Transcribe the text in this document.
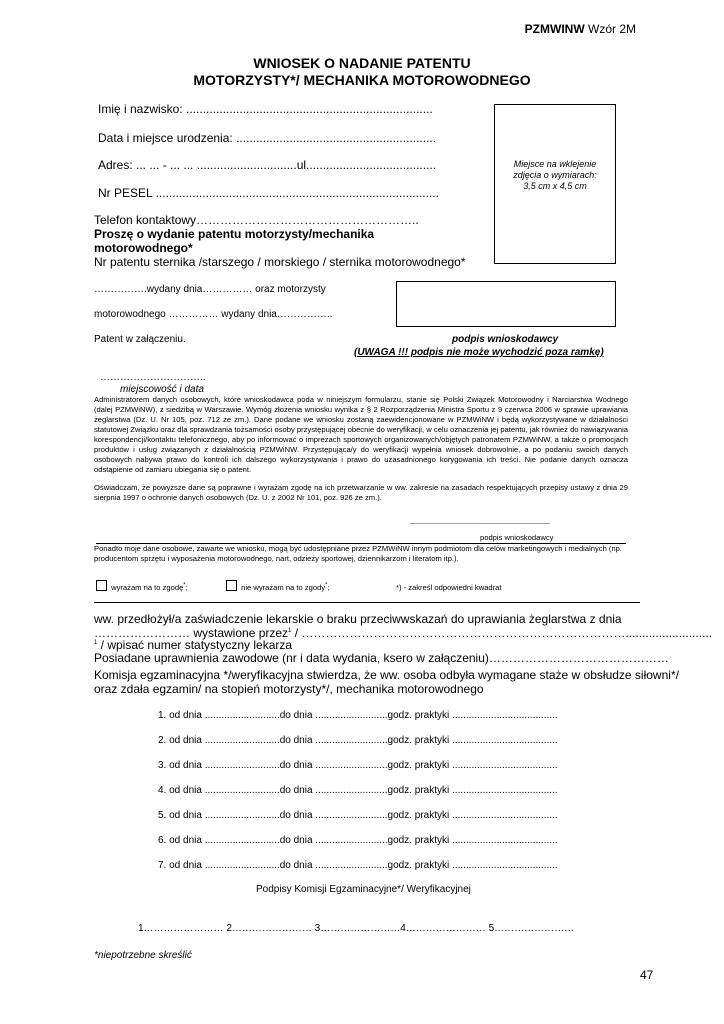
PZMWINW Wzór 2M
WNIOSEK O NADANIE PATENTU
MOTORZYSTY*/ MECHANIKA MOTOROWODNEGO
Imię i nazwisko: ..........................................................................
Data i miejsce urodzenia: ............................................................
Adres: ... ... - ... ... ..............................ul.......................................
Nr PESEL .....................................................................................
Telefon kontaktowy………………………………………………..
Proszę o wydanie patentu motorzysty/mechanika
motorowodnego*
Nr patentu sternika /starszego / morskiego / sternika motorowodnego*
Miejsce na wklejenie
zdjęcia o wymiarach:
3,5 cm x 4,5 cm
…………….wydany dnia…………… oraz motorzysty
motorowodnego …………… wydany dnia……………..
Patent w załączeniu.	podpis wnioskodawcy
(UWAGA !!! podpis nie może wychodzić poza ramkę)
…………………………..
miejscowość i data
Administratorem danych osobowych, które wnioskodawca poda w niniejszym formularzu, stanie się Polski Związek Motorowodny i Narciarstwa Wodnego (dalej PZMWiNW), z siedzibą w Warszawie. Wymóg złożenia wniosku wynika z § 2 Rozporządzenia Ministra Sportu z 9 czerwca 2006 w sprawie uprawiania żeglarstwa (Dz. U. Nr 105, poz. 712 ze zm.). Dane podane we wniosku zostaną zaewidencjonowane w PZMWiNW i będą wykorzystywane w działalności statutowej Związku oraz dla sprawdzania tożsamości osoby przystępującej obecnie do weryfikacji, w celu oznaczenia jej patentu, jak również do nawiązywania korespondencji/kontaktu telefonicznego, aby po informować o imprezach sportowych organizowanych/objętych patronatem PZMWiNW, a także o promocjach produktów i usług związanych z działalnością PZMWiNW. Przystępująca/y do weryfikacji wypełnia wniosek dobrowolnie, a po podaniu swoich danych osobowych nabywa prawo do kontroli ich dalszego wykorzystywania i prawo do uzasadnionego korygowania ich treści. Nie podanie danych oznacza odstąpienie od zamiaru ubiegania się o patent.
Oświadczam, że powyższe dane są poprawne i wyrażam zgodę na ich przetwarzanie w ww. zakresie na zasadach respektujących przepisy ustawy z dnia 29 sierpnia 1997 o ochronie danych osobowych (Dz. U. z 2002 Nr 101, poz. 926 ze zm.).
----------------------------------------------------------------------
podpis wnioskodawcy
Ponadto moje dane osobowe, zawarte we wniosku, mogą być udostępniane przez PZMWiNW innym podmiotom dla celów marketingowych i medialnych (np. producentom sprzętu i wyposażenia motorowodnego, nart, odzieży sportowej, dziennikarzom i literatom itp.).
wyrażam na to zgodę*;	nie wyrażam na to zgody*;	*) - zakreśl odpowiedni kwadrat
ww. przedłożył/a zaświadczenie lekarskie o braku przeciwwskazań do uprawiania żeglarstwa z dnia
…………………… wystawione przez$^1$ / ………………………………………………………………………..........................
$^1$ / wpisać numer statystyczny lekarza
Posiadane uprawnienia zawodowe (nr i data wydania, ksero w załączeniu)………………………………………
Komisja egzaminacyjna */weryfikacyjna stwierdza, że ww. osoba odbyła wymagane staże w obsłudze siłowni*/
oraz zdała egzamin/ na stopień motorzysty*/, mechanika motorowodnego
1. od dnia ...........................do dnia ..........................godz. praktyki ......................................
2. od dnia ...........................do dnia ..........................godz. praktyki ......................................
3. od dnia ...........................do dnia ..........................godz. praktyki ......................................
4. od dnia ...........................do dnia ..........................godz. praktyki ......................................
5. od dnia ...........................do dnia ..........................godz. praktyki ......................................
6. od dnia ...........................do dnia ..........................godz. praktyki ......................................
7. od dnia ...........................do dnia ..........................godz. praktyki ......................................
Podpisy Komisji Egzaminacyjne*/ Weryfikacyjnej
1…………………… 2…………………… 3……………………4…………………… 5……………………
*niepotrzebne skreślić
47
